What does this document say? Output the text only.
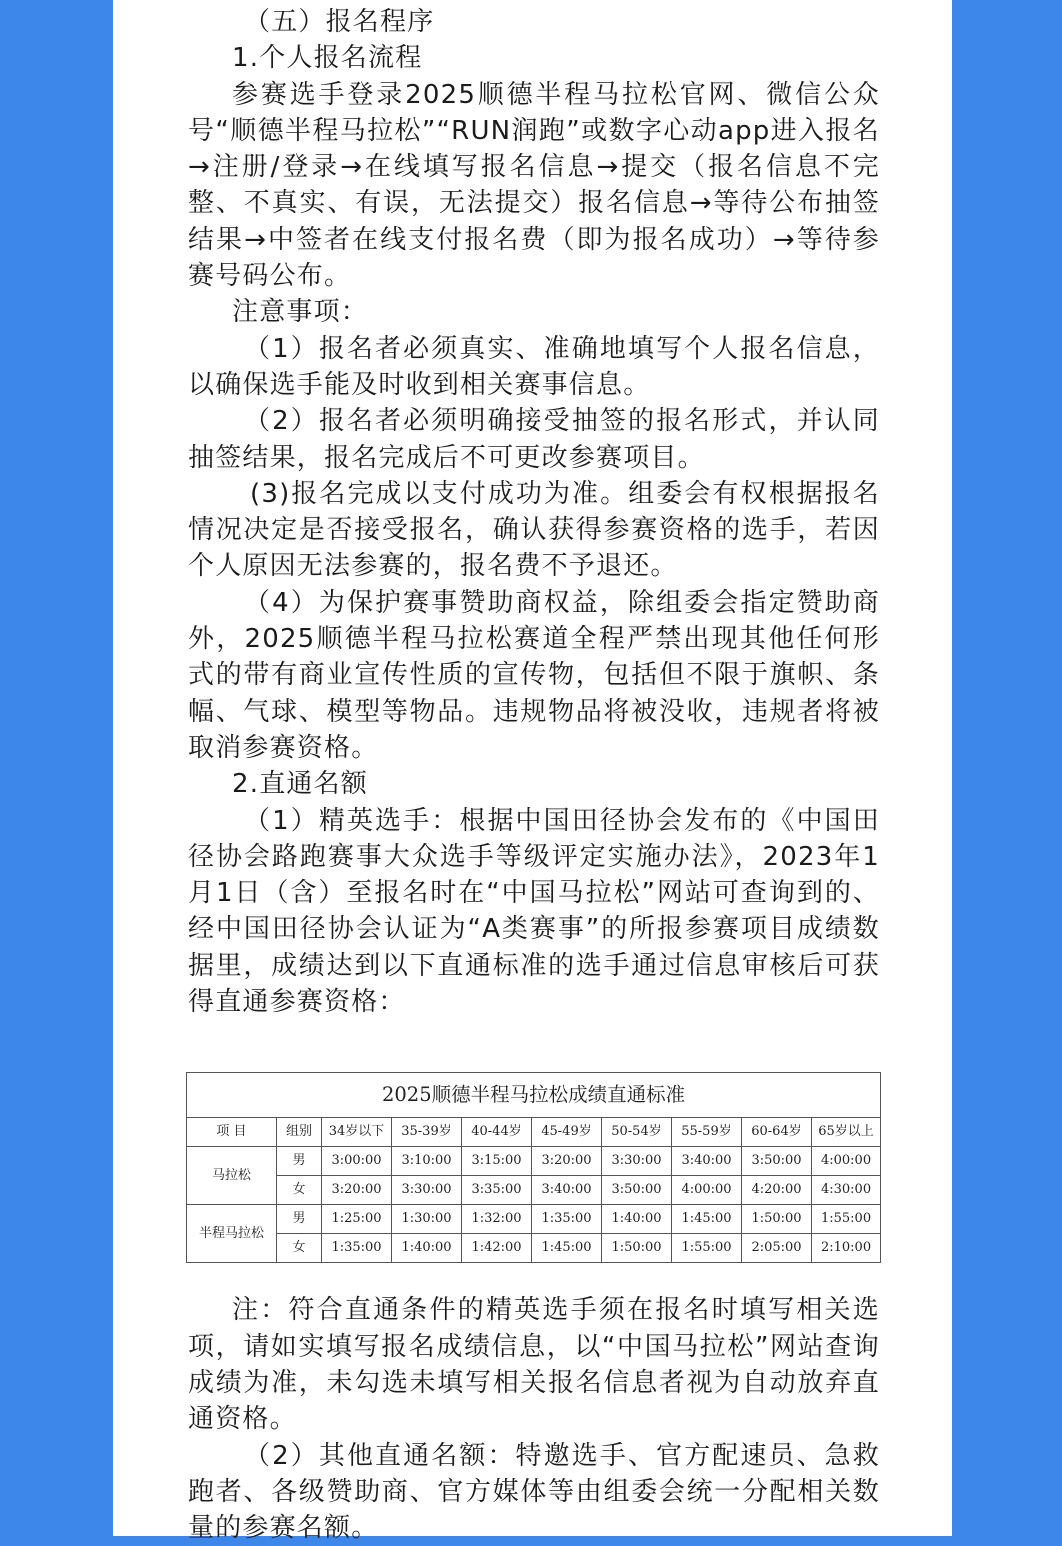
（五）报名程序

1.个人报名流程

参赛选手登录2025顺德半程马拉松官网、微信公众号“顺德半程马拉松”“RUN润跑”或数字心动app进入报名→注册/登录→在线填写报名信息→提交（报名信息不完整、不真实、有误，无法提交）报名信息→等待公布抽签结果→中签者在线支付报名费（即为报名成功）→等待参赛号码公布。

注意事项：

（1）报名者必须真实、准确地填写个人报名信息，以确保选手能及时收到相关赛事信息。

（2）报名者必须明确接受抽签的报名形式，并认同抽签结果，报名完成后不可更改参赛项目。

(3)报名完成以支付成功为准。组委会有权根据报名情况决定是否接受报名，确认获得参赛资格的选手，若因个人原因无法参赛的，报名费不予退还。

（4）为保护赛事赞助商权益，除组委会指定赞助商外，2025顺德半程马拉松赛道全程严禁出现其他任何形式的带有商业宣传性质的宣传物，包括但不限于旗帜、条幅、气球、模型等物品。违规物品将被没收，违规者将被取消参赛资格。

2.直通名额

（1）精英选手：根据中国田径协会发布的《中国田径协会路跑赛事大众选手等级评定实施办法》，2023年1月1日（含）至报名时在“中国马拉松”网站可查询到的、经中国田径协会认证为“A类赛事”的所报参赛项目成绩数据里，成绩达到以下直通标准的选手通过信息审核后可获得直通参赛资格：

2025顺德半程马拉松成绩直通标准									
项 目	组别	34岁以下	35-39岁	40-44岁	45-49岁	50-54岁	55-59岁	60-64岁	65岁以上
马拉松	男	3:00:00	3:10:00	3:15:00	3:20:00	3:30:00	3:40:00	3:50:00	4:00:00
	女	3:20:00	3:30:00	3:35:00	3:40:00	3:50:00	4:00:00	4:20:00	4:30:00
半程马拉松	男	1:25:00	1:30:00	1:32:00	1:35:00	1:40:00	1:45:00	1:50:00	1:55:00
	女	1:35:00	1:40:00	1:42:00	1:45:00	1:50:00	1:55:00	2:05:00	2:10:00

注：符合直通条件的精英选手须在报名时填写相关选项，请如实填写报名成绩信息，以“中国马拉松”网站查询成绩为准，未勾选未填写相关报名信息者视为自动放弃直通资格。

（2）其他直通名额：特邀选手、官方配速员、急救跑者、各级赞助商、官方媒体等由组委会统一分配相关数量的参赛名额。
